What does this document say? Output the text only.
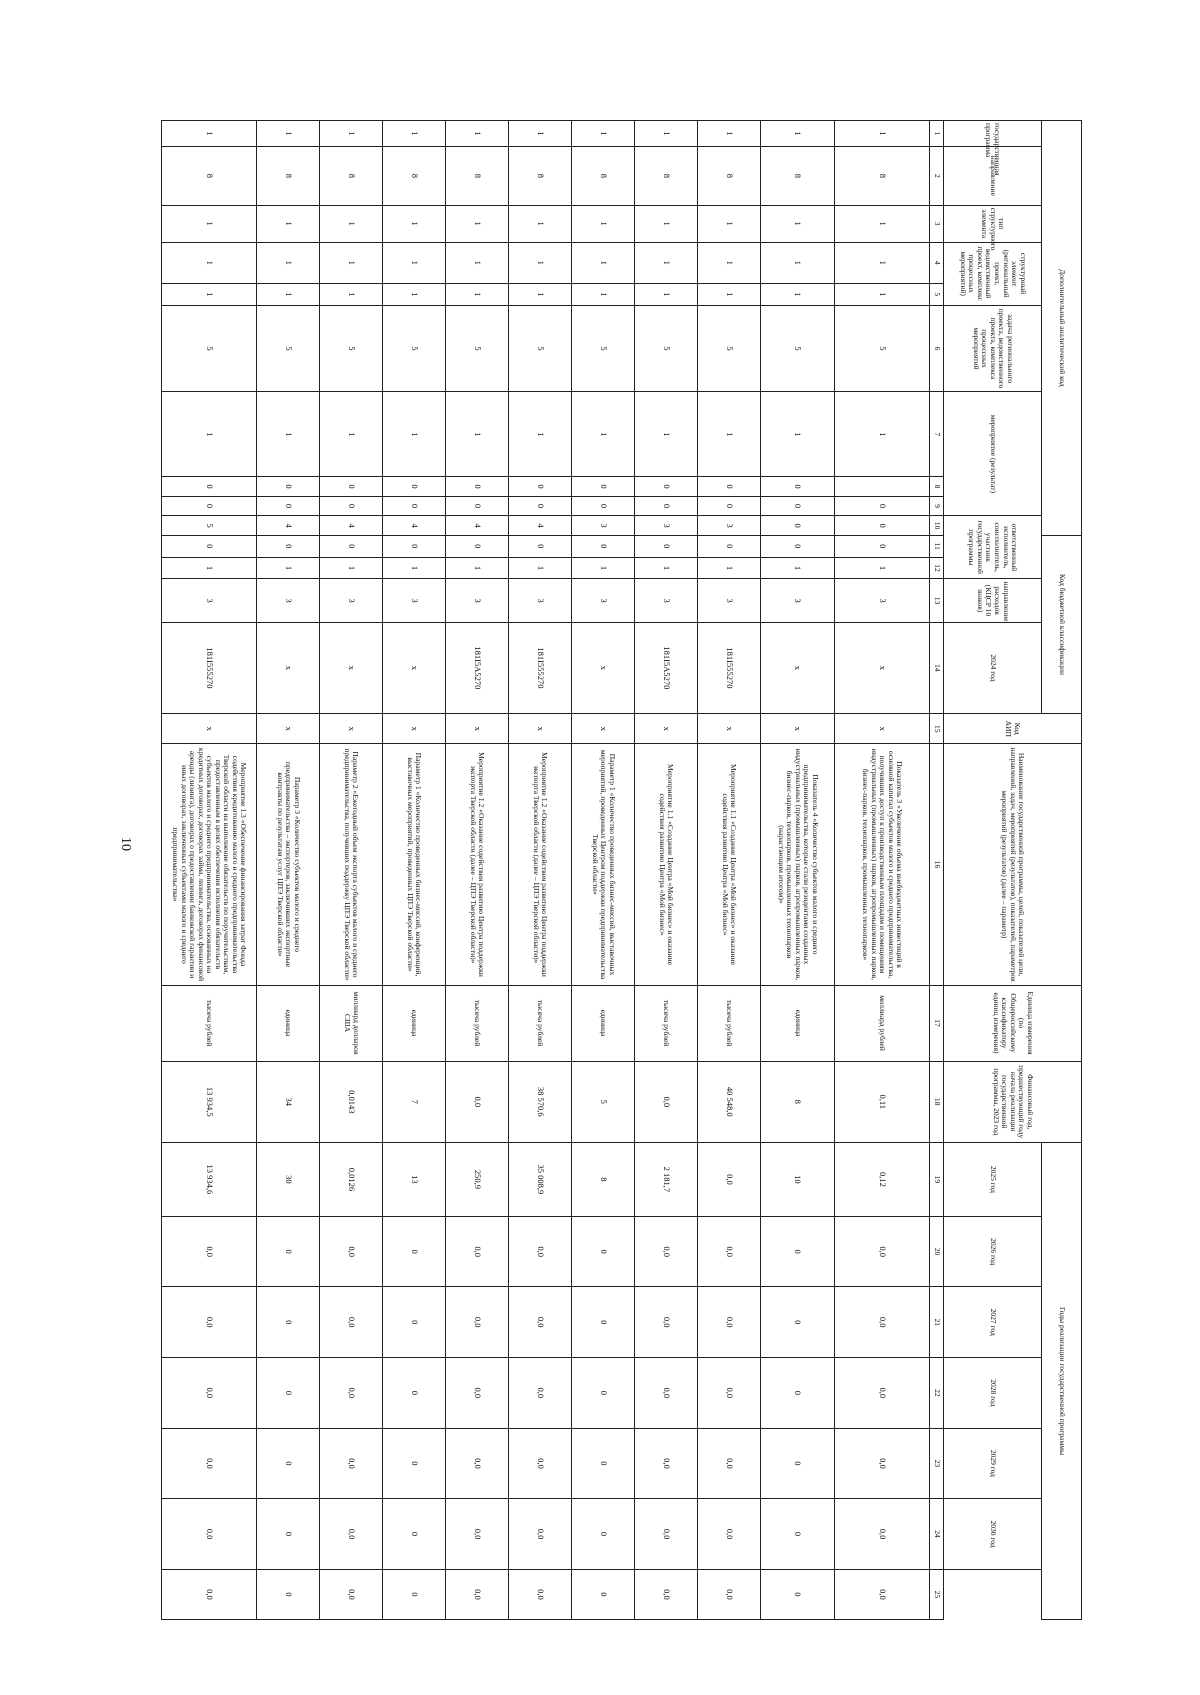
10
Дополнительный аналитический код										Код бюджетной классификации				Код АИП	Наименование государственной программы, целей, показателей цели, направлений, задач, мероприятий (результатов), показателей, параметров мероприятий (результатов) (далее – параметр)	Единица измерения (по Общероссийскому классификатору единиц измерения)	Финансовый год, предшествующий году начала реализации государственной программы, 2023 год	Годы реализации государственной программы						
государственная программа	направление	тип структурного элемента	структурный элемент (региональный проект, ведомственный проект, комплекс процессных мероприятий)		задача регионального проекта, ведомственного проекта, комплекса процессных мероприятий	мероприятие (результат)			ответственный исполнитель, соисполнитель, участник государственной программы			направление расходов (КЦСР 10 знаков)	2024 год					2025 год	2026 год	2027 год	2028 год	2029 год	2030 год	

1	2	3	4	5	6	7	8	9	10	11	12	13	14	15	16	17	18	19	20	21	22	23	24	25
1	8	1	1	1	5	1		0	0	0	1	3	х	х	Показатель 3 «Увеличение объема внебюджетных инвестиций в основной капитал субъектов малого и среднего предпринимательства, получивших доступ к производственным площадям и помещениям индустриальных (промышленных) парков, агропромышленных парков, бизнес-парков, технопарков, промышленных технопарков»	миллиард рублей	0,11	0,12	0,0	0,0	0,0	0,0	0,0	0,0
1	8	1	1	1	5	1	0	0	0	0	1	3	х	х	Показатель 4 «Количество субъектов малого и среднего предпринимательства, которые стали резидентами созданных индустриальных (промышленных) парков, агропромышленных парков, бизнес-парков, технопарков, промышленных технопарков (нарастающим итогом)»	единица	8	10	0	0	0	0	0	0
1	8	1	1	1	5	1	0	0	3	0	1	3	181I555270	х	Мероприятие 1.1 «Создание Центра «Мой бизнес» и оказание содействия развитию Центра «Мой бизнес»	тысяча рублей	40 548,0	0,0	0,0	0,0	0,0	0,0	0,0	0,0
1	8	1	1	1	5	1	0	0	3	0	1	3	181I5А5270	х	Мероприятие 1.1 «Создание Центра «Мой бизнес» и оказание содействия развитию Центра «Мой бизнес»	тысяча рублей	0,0	2 181,7	0,0	0,0	0,0	0,0	0,0	0,0
1	8	1	1	1	5	1	0	0	3	0	1	3	х	х	Параметр 1 «Количество проведенных бизнес-миссий, выставочных мероприятий, проведенных Центром поддержки предпринимательства Тверской области»	единица	5	8	0	0	0	0	0	0
1	8	1	1	1	5	1	0	0	4	0	1	3	181I555270	х	Мероприятие 1.2 «Оказание содействия развитию Центра поддержки экспорта Тверской области (далее – ЦПЭ Тверской области)»	тысяча рублей	38 570,6	35 008,9	0,0	0,0	0,0	0,0	0,0	0,0
1	8	1	1	1	5	1	0	0	4	0	1	3	181I5А5270	х	Мероприятие 1.2 «Оказание содействия развитию Центра поддержки экспорта Тверской области (далее – ЦПЭ Тверской области)»	тысяча рублей	0,0	250,9	0,0	0,0	0,0	0,0	0,0	0,0
1	8	1	1	1	5	1	0	0	4	0	1	3	х	х	Параметр 1 «Количество проведенных бизнес-миссий, конференций, выставочных мероприятий, проведенных ЦПЭ Тверской области»	единица	7	13	0	0	0	0	0	0
1	8	1	1	1	5	1	0	0	4	0	1	3	х	х	Параметр 2 «Ежегодный объем экспорта субъектов малого и среднего предпринимательства, получивших поддержку ЦПЭ Тверской области»	миллиард долларов США	0,0143	0,0126	0,0	0,0	0,0	0,0	0,0	0,0
1	8	1	1	1	5	1	0	0	4	0	1	3	х	х	Параметр 3 «Количество субъектов малого и среднего предпринимательства – экспортеров, заключивших экспортные контракты по результатам услуг ЦПЭ Тверской области»	единица	34	30	0	0	0	0	0	0
1	8	1	1	1	5	1	0	0	5	0	1	3	181I555270	х	Мероприятие 1.3 «Обеспечение финансирования затрат Фонда содействия кредитованию малого и среднего предпринимательства Тверской области на выполнение обязательств по поручительствам, предоставленным в целях обеспечения исполнения обязательств субъектов малого и среднего предпринимательства, основанных на кредитных договорах, договорах займа, лизинга, договорах финансовой аренды (лизинга), договорах о предоставлении банковской гарантии и иных договорах, заключенных субъектами малого и среднего предпринимательства»	тысяча рублей	13 934,5	13 934,6	0,0	0,0	0,0	0,0	0,0	0,0
